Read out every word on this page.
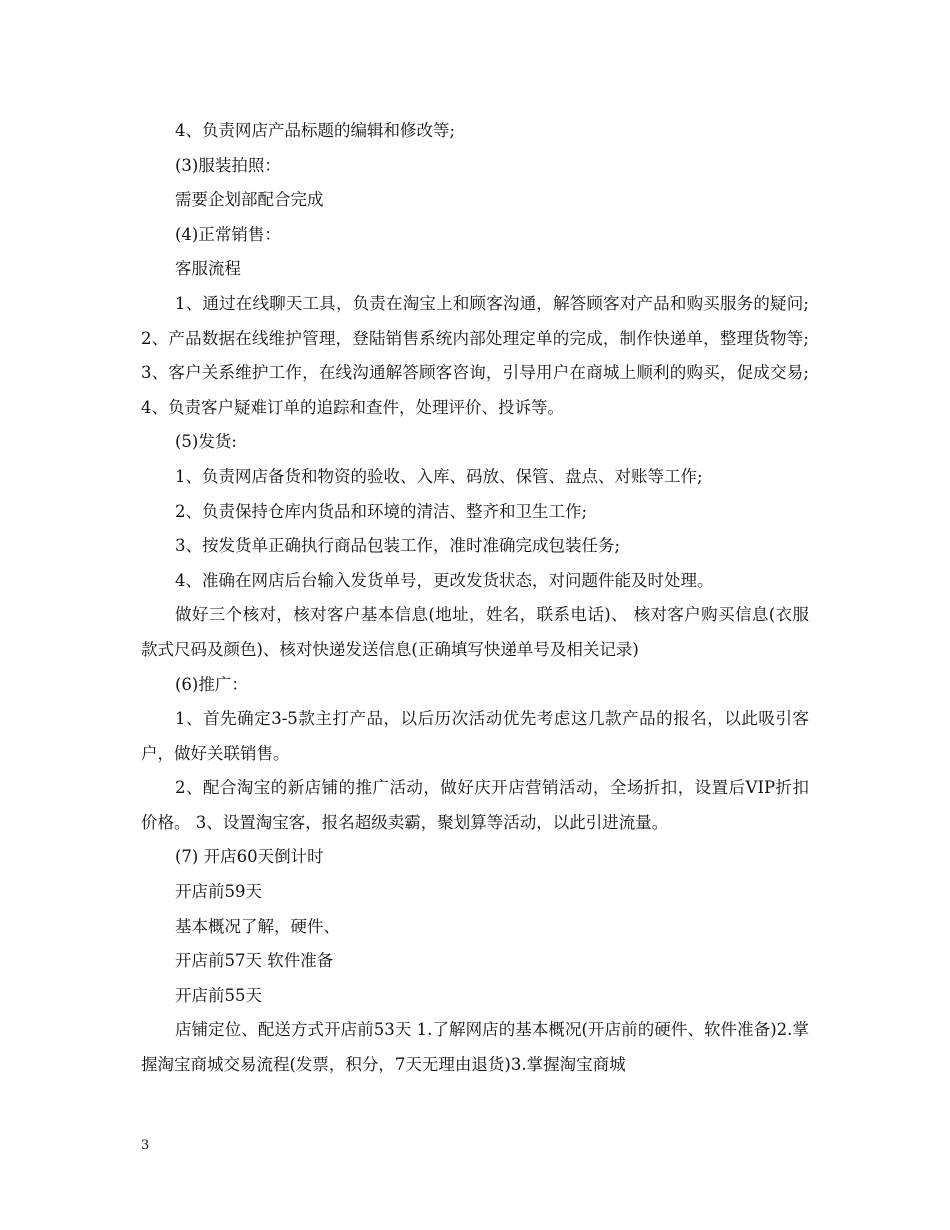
4、负责网店产品标题的编辑和修改等;

(3)服装拍照：

需要企划部配合完成

(4)正常销售：

客服流程

1、通过在线聊天工具，负责在淘宝上和顾客沟通，解答顾客对产品和购买服务的疑问;2、产品数据在线维护管理，登陆销售系统内部处理定单的完成，制作快递单，整理货物等;3、客户关系维护工作，在线沟通解答顾客咨询，引导用户在商城上顺利的购买，促成交易;4、负责客户疑难订单的追踪和查件，处理评价、投诉等。

(5)发货:

1、负责网店备货和物资的验收、入库、码放、保管、盘点、对账等工作;

2、负责保持仓库内货品和环境的清洁、整齐和卫生工作;

3、按发货单正确执行商品包装工作，准时准确完成包装任务;

4、准确在网店后台输入发货单号，更改发货状态，对问题件能及时处理。

做好三个核对，核对客户基本信息(地址，姓名，联系电话)、 核对客户购买信息(衣服款式尺码及颜色)、核对快递发送信息(正确填写快递单号及相关记录)

(6)推广：

1、首先确定3-5款主打产品，以后历次活动优先考虑这几款产品的报名，以此吸引客户，做好关联销售。

2、配合淘宝的新店铺的推广活动，做好庆开店营销活动，全场折扣，设置后VIP折扣价格。 3、设置淘宝客，报名超级卖霸，聚划算等活动，以此引进流量。

(7) 开店60天倒计时

开店前59天

基本概况了解，硬件、

开店前57天 软件准备

开店前55天

店铺定位、配送方式开店前53天 1.了解网店的基本概况(开店前的硬件、软件准备)2.掌握淘宝商城交易流程(发票，积分，7天无理由退货)3.掌握淘宝商城

3
